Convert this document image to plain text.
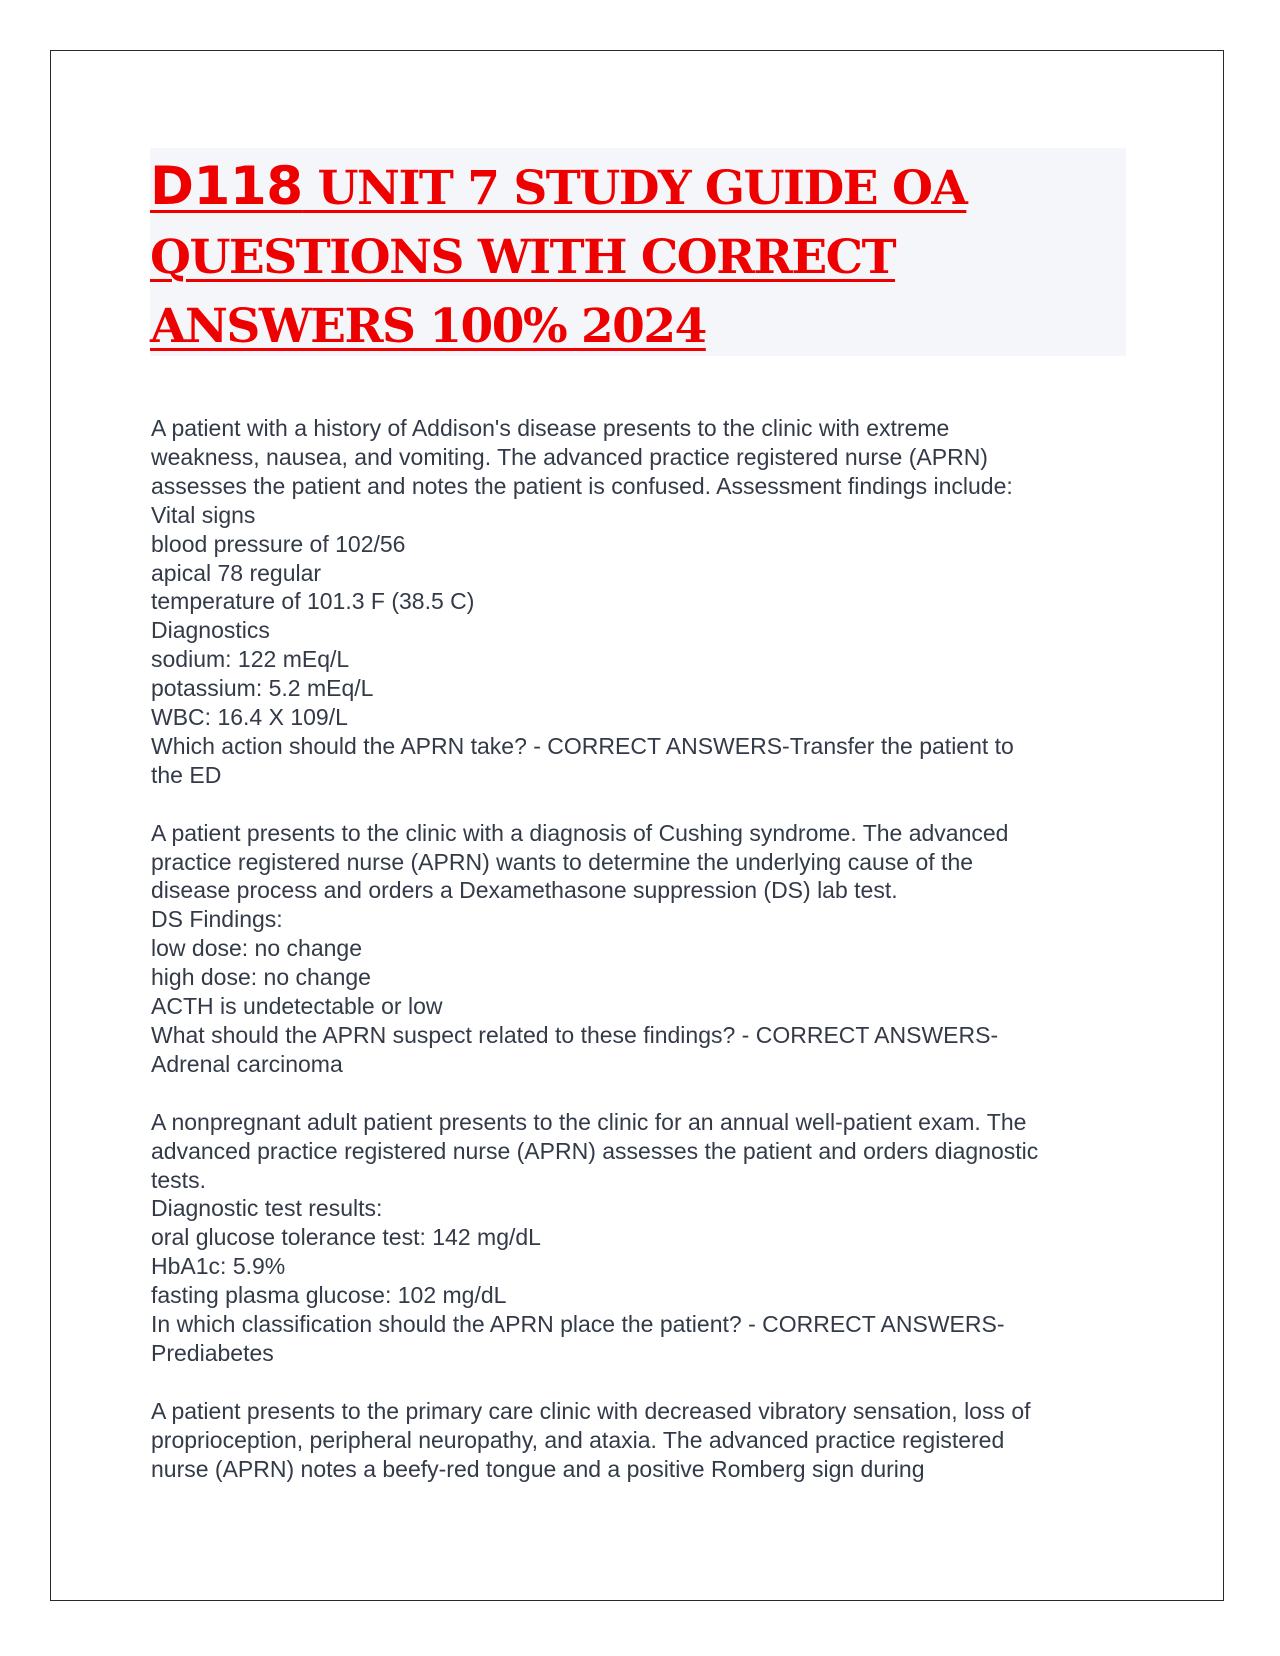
D118 UNIT 7 STUDY GUIDE OA
QUESTIONS WITH CORRECT
ANSWERS 100% 2024
A patient with a history of Addison's disease presents to the clinic with extreme
weakness, nausea, and vomiting. The advanced practice registered nurse (APRN)
assesses the patient and notes the patient is confused. Assessment findings include:
Vital signs
blood pressure of 102/56
apical 78 regular
temperature of 101.3 F (38.5 C)
Diagnostics
sodium: 122 mEq/L
potassium: 5.2 mEq/L
WBC: 16.4 X 109/L
Which action should the APRN take? - CORRECT ANSWERS-Transfer the patient to
the ED
A patient presents to the clinic with a diagnosis of Cushing syndrome. The advanced
practice registered nurse (APRN) wants to determine the underlying cause of the
disease process and orders a Dexamethasone suppression (DS) lab test.
DS Findings:
low dose: no change
high dose: no change
ACTH is undetectable or low
What should the APRN suspect related to these findings? - CORRECT ANSWERS-
Adrenal carcinoma
A nonpregnant adult patient presents to the clinic for an annual well-patient exam. The
advanced practice registered nurse (APRN) assesses the patient and orders diagnostic
tests.
Diagnostic test results:
oral glucose tolerance test: 142 mg/dL
HbA1c: 5.9%
fasting plasma glucose: 102 mg/dL
In which classification should the APRN place the patient? - CORRECT ANSWERS-
Prediabetes
A patient presents to the primary care clinic with decreased vibratory sensation, loss of
proprioception, peripheral neuropathy, and ataxia. The advanced practice registered
nurse (APRN) notes a beefy-red tongue and a positive Romberg sign during
